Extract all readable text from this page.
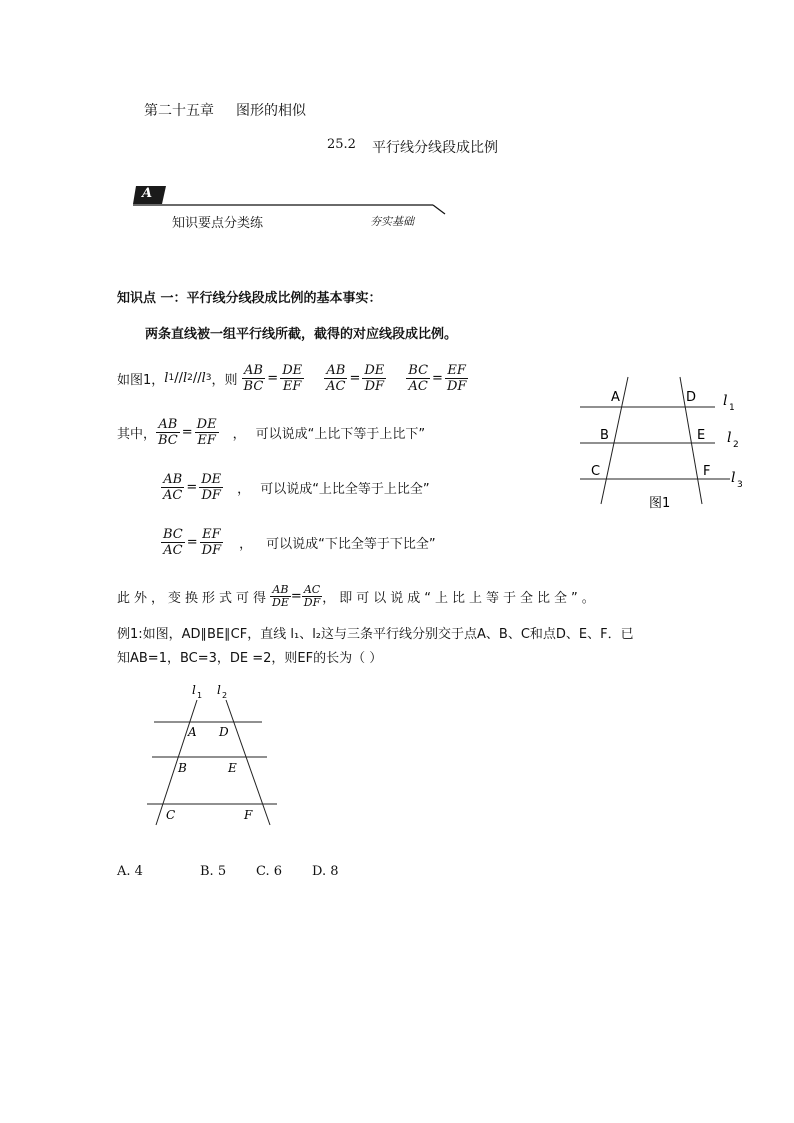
第二十五章 图形的相似
25.2 平行线分线段成比例
A
知识要点分类练	夯实基础
知识点 一：平行线分线段成比例的基本事实：
两条直线被一组平行线所截，截得的对应线段成比例。
如图1， l 1 // l 2 // l 3 ，则 $\frac{AB}{BC} = \frac{DE}{EF} \frac{AB}{AC} = \frac{DE}{DF} \frac{BC}{AC} = \frac{EF}{DF}$
其中， $\frac{AB}{BC} = \frac{DE}{EF}$ ， 可以说成“上比下等于上比下”
$\frac{AB}{AC} = \frac{DE}{DF}$ ， 可以说成“上比全等于上比全”
$\frac{BC}{AC} = \frac{EF}{DF}$ ， 可以说成“下比全等于下比全”
此外，变换形式可得 $\frac{AB}{DE} = \frac{AC}{DF}$ ，即可以说成“上比上等于全比全”。
A	D
B	E
C	F
l 1
l 2
l 3
图1
例1:如图，AD∥BE∥CF，直线 l₁、l₂这与三条平行线分别交于点A、B、C和点D、E、F．已
知AB=1，BC=3，DE =2，则EF的长为（ ）
l 1 l 2
A D
B	E
C	F
A. 4	B. 5 C. 6 D. 8
